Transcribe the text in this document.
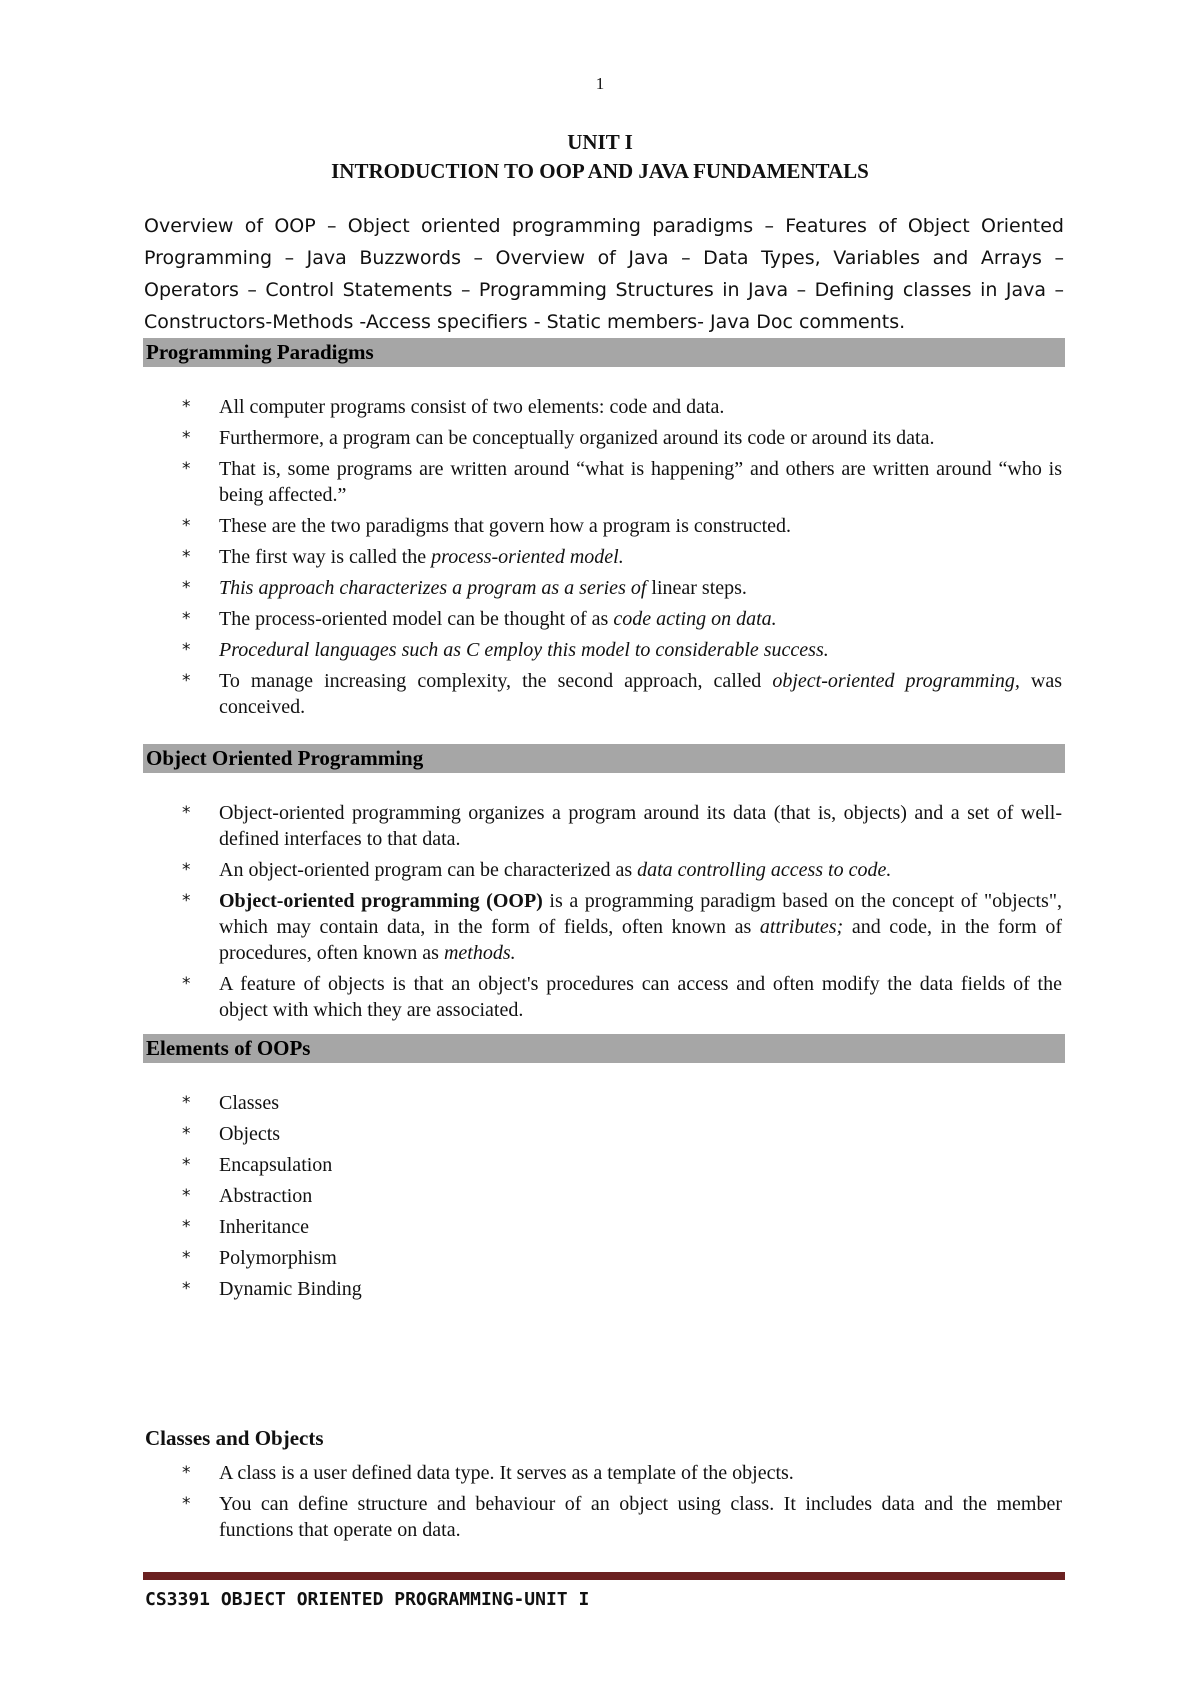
1
UNIT I
INTRODUCTION TO OOP AND JAVA FUNDAMENTALS
Overview of OOP – Object oriented programming paradigms – Features of Object Oriented Programming – Java Buzzwords – Overview of Java – Data Types, Variables and Arrays – Operators – Control Statements – Programming Structures in Java – Defining classes in Java – Constructors-Methods -Access specifiers - Static members- Java Doc comments.
Programming Paradigms
* All computer programs consist of two elements: code and data.
* Furthermore, a program can be conceptually organized around its code or around its data.
* That is, some programs are written around “what is happening” and others are written around “who is being affected.”
* These are the two paradigms that govern how a program is constructed.
* The first way is called the process-oriented model.
* This approach characterizes a program as a series of linear steps.
* The process-oriented model can be thought of as code acting on data.
* Procedural languages such as C employ this model to considerable success.
* To manage increasing complexity, the second approach, called object-oriented programming, was conceived.
Object Oriented Programming
* Object-oriented programming organizes a program around its data (that is, objects) and a set of well-defined interfaces to that data.
* An object-oriented program can be characterized as data controlling access to code.
* Object-oriented programming (OOP) is a programming paradigm based on the concept of "objects", which may contain data, in the form of fields, often known as attributes; and code, in the form of procedures, often known as methods.
* A feature of objects is that an object's procedures can access and often modify the data fields of the object with which they are associated.
Elements of OOPs
* Classes
* Objects
* Encapsulation
* Abstraction
* Inheritance
* Polymorphism
* Dynamic Binding
Classes and Objects
* A class is a user defined data type. It serves as a template of the objects.
* You can define structure and behaviour of an object using class. It includes data and the member functions that operate on data.
CS3391 OBJECT ORIENTED PROGRAMMING-UNIT I
